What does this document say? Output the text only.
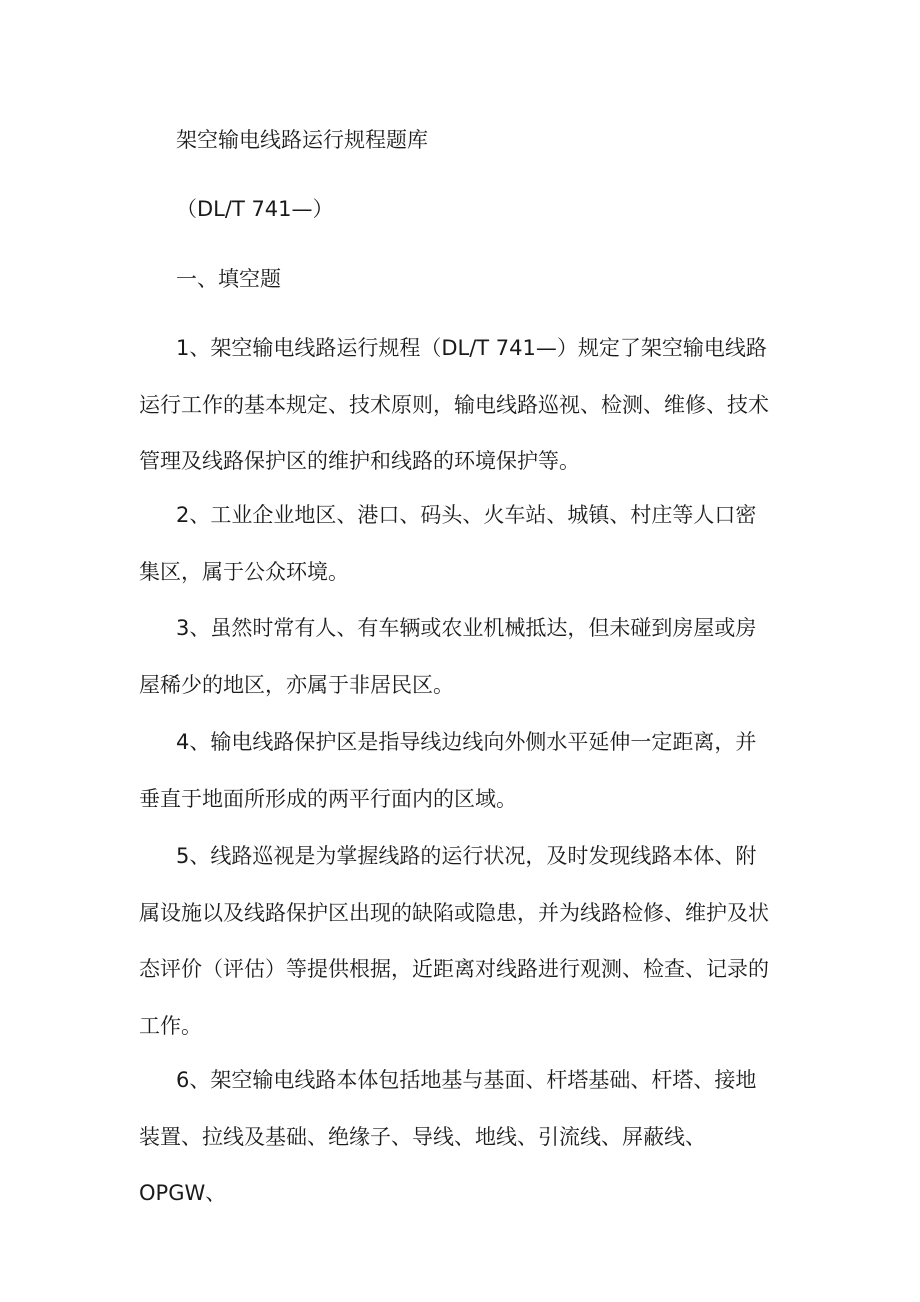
架空输电线路运行规程题库
（DL/T 741—）
一、填空题
1、架空输电线路运行规程（DL/T 741—）规定了架空输电线路
运行工作的基本规定、技术原则，输电线路巡视、检测、维修、技术
管理及线路保护区的维护和线路的环境保护等。
2、工业企业地区、港口、码头、火车站、城镇、村庄等人口密
集区，属于公众环境。
3、虽然时常有人、有车辆或农业机械抵达，但未碰到房屋或房
屋稀少的地区，亦属于非居民区。
4、输电线路保护区是指导线边线向外侧水平延伸一定距离，并
垂直于地面所形成的两平行面内的区域。
5、线路巡视是为掌握线路的运行状况，及时发现线路本体、附
属设施以及线路保护区出现的缺陷或隐患，并为线路检修、维护及状
态评价（评估）等提供根据，近距离对线路进行观测、检查、记录的
工作。
6、架空输电线路本体包括地基与基面、杆塔基础、杆塔、接地
装置、拉线及基础、绝缘子、导线、地线、引流线、屏蔽线、
OPGW、
